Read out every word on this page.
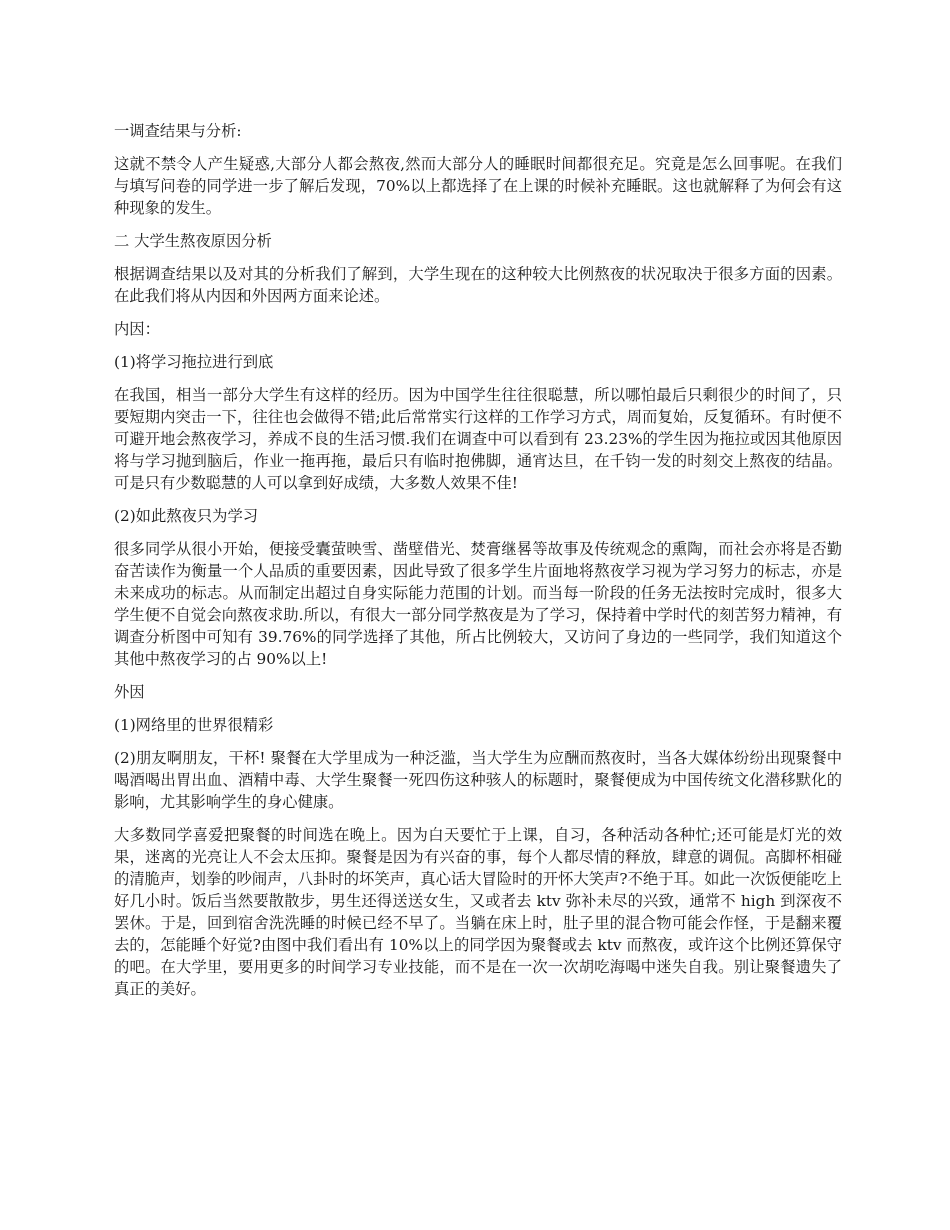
一调查结果与分析:
这就不禁令人产生疑惑,大部分人都会熬夜,然而大部分人的睡眠时间都很充足。究竟是怎么回事呢。在我们与填写问卷的同学进一步了解后发现，70%以上都选择了在上课的时候补充睡眠。这也就解释了为何会有这种现象的发生。
二 大学生熬夜原因分析
根据调查结果以及对其的分析我们了解到，大学生现在的这种较大比例熬夜的状况取决于很多方面的因素。在此我们将从内因和外因两方面来论述。
内因：
(1)将学习拖拉进行到底
在我国，相当一部分大学生有这样的经历。因为中国学生往往很聪慧，所以哪怕最后只剩很少的时间了，只要短期内突击一下，往往也会做得不错;此后常常实行这样的工作学习方式，周而复始，反复循环。有时便不可避开地会熬夜学习，养成不良的生活习惯.我们在调查中可以看到有 23.23%的学生因为拖拉或因其他原因将与学习抛到脑后，作业一拖再拖，最后只有临时抱佛脚，通宵达旦，在千钧一发的时刻交上熬夜的结晶。可是只有少数聪慧的人可以拿到好成绩，大多数人效果不佳!
(2)如此熬夜只为学习
很多同学从很小开始，便接受囊萤映雪、凿壁借光、焚膏继晷等故事及传统观念的熏陶，而社会亦将是否勤奋苦读作为衡量一个人品质的重要因素，因此导致了很多学生片面地将熬夜学习视为学习努力的标志，亦是未来成功的标志。从而制定出超过自身实际能力范围的计划。而当每一阶段的任务无法按时完成时，很多大学生便不自觉会向熬夜求助.所以，有很大一部分同学熬夜是为了学习，保持着中学时代的刻苦努力精神，有调查分析图中可知有 39.76%的同学选择了其他，所占比例较大，又访问了身边的一些同学，我们知道这个其他中熬夜学习的占 90%以上!
外因
(1)网络里的世界很精彩
(2)朋友啊朋友，干杯! 聚餐在大学里成为一种泛滥，当大学生为应酬而熬夜时，当各大媒体纷纷出现聚餐中喝酒喝出胃出血、酒精中毒、大学生聚餐一死四伤这种骇人的标题时，聚餐便成为中国传统文化潜移默化的影响，尤其影响学生的身心健康。
大多数同学喜爱把聚餐的时间选在晚上。因为白天要忙于上课，自习，各种活动各种忙;还可能是灯光的效果，迷离的光亮让人不会太压抑。聚餐是因为有兴奋的事，每个人都尽情的释放，肆意的调侃。高脚杯相碰的清脆声，划拳的吵闹声，八卦时的坏笑声，真心话大冒险时的开怀大笑声?不绝于耳。如此一次饭便能吃上好几小时。饭后当然要散散步，男生还得送送女生，又或者去 ktv 弥补未尽的兴致，通常不 high 到深夜不罢休。于是，回到宿舍洗洗睡的时候已经不早了。当躺在床上时，肚子里的混合物可能会作怪，于是翻来覆去的，怎能睡个好觉?由图中我们看出有 10%以上的同学因为聚餐或去 ktv 而熬夜，或许这个比例还算保守的吧。在大学里，要用更多的时间学习专业技能，而不是在一次一次胡吃海喝中迷失自我。别让聚餐遗失了真正的美好。
